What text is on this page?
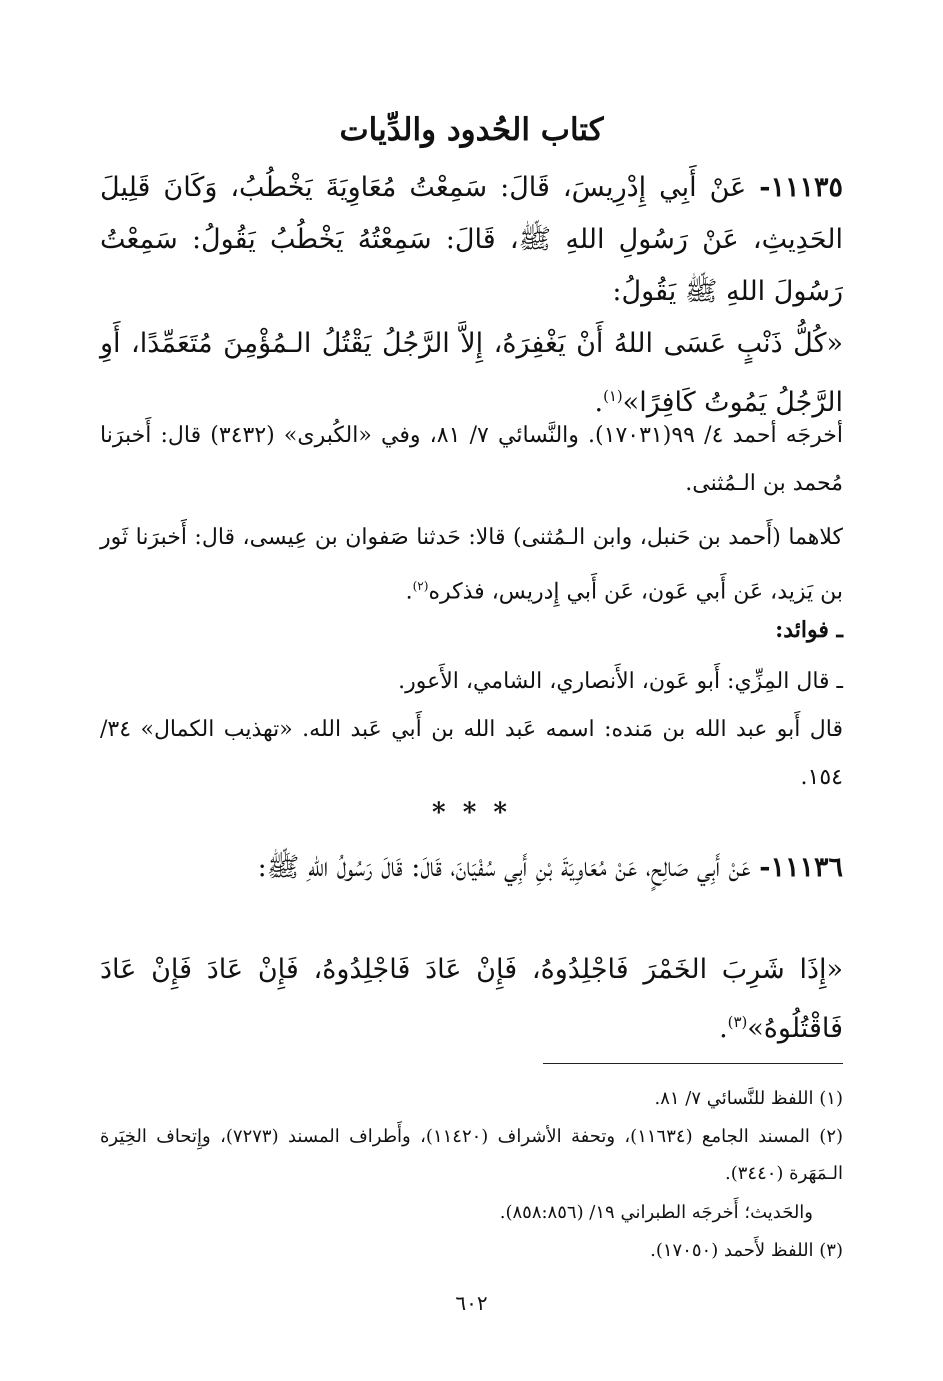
كتاب الحُدود والدِّيات
١١١٣٥- عَنْ أَبِي إِدْرِيسَ، قَالَ: سَمِعْتُ مُعَاوِيَةَ يَخْطُبُ، وَكَانَ قَلِيلَ الحَدِيثِ، عَنْ رَسُولِ اللهِ ﷺ، قَالَ: سَمِعْتُهُ يَخْطُبُ يَقُولُ: سَمِعْتُ رَسُولَ اللهِ ﷺ يَقُولُ:
«كُلُّ ذَنْبٍ عَسَى اللهُ أَنْ يَغْفِرَهُ، إِلاَّ الرَّجُلُ يَقْتُلُ الـمُؤْمِنَ مُتَعَمِّدًا، أَوِ الرَّجُلُ يَمُوتُ كَافِرًا»$^{(١)}$.
أخرجَه أحمد ٤/ ٩٩(١٧٠٣١). والنَّسائي ٧/ ٨١، وفي «الكُبرى» (٣٤٣٢) قال: أَخبرَنا مُحمد بن الـمُثنى.
كلاهما (أَحمد بن حَنبل، وابن الـمُثنى) قالا: حَدثنا صَفوان بن عِيسى، قال: أَخبرَنا ثَور بن يَزيد، عَن أَبي عَون، عَن أَبي إِدريس، فذكره$^{(٢)}$.
ـ فوائد:
ـ قال المِزِّي: أَبو عَون، الأَنصاري، الشامي، الأَعور.
قال أَبو عبد الله بن مَنده: اسمه عَبد الله بن أَبي عَبد الله. «تهذيب الكمال» ٣٤/ ١٥٤.
* * *
١١١٣٦- عَنْ أَبِي صَالِحٍ، عَنْ مُعَاوِيَةَ بْنِ أَبِي سُفْيَانَ، قَالَ: قَالَ رَسُولُ اللهِ ﷺ:
«إِذَا شَرِبَ الخَمْرَ فَاجْلِدُوهُ، فَإِنْ عَادَ فَاجْلِدُوهُ، فَإِنْ عَادَ فَإِنْ عَادَ فَاقْتُلُوهُ»$^{(٣)}$.
(١) اللفظ للنَّسائي ٧/ ٨١.
(٢) المسند الجامع (١١٦٣٤)، وتحفة الأشراف (١١٤٢٠)، وأَطراف المسند (٧٢٧٣)، وإِتحاف الخِيَرة الـمَهَرة (٣٤٤٠).
والحَديث؛ أَخرجَه الطبراني ١٩/ (٨٥٨:٨٥٦).
(٣) اللفظ لأَحمد (١٧٠٥٠).
٦٠٢
